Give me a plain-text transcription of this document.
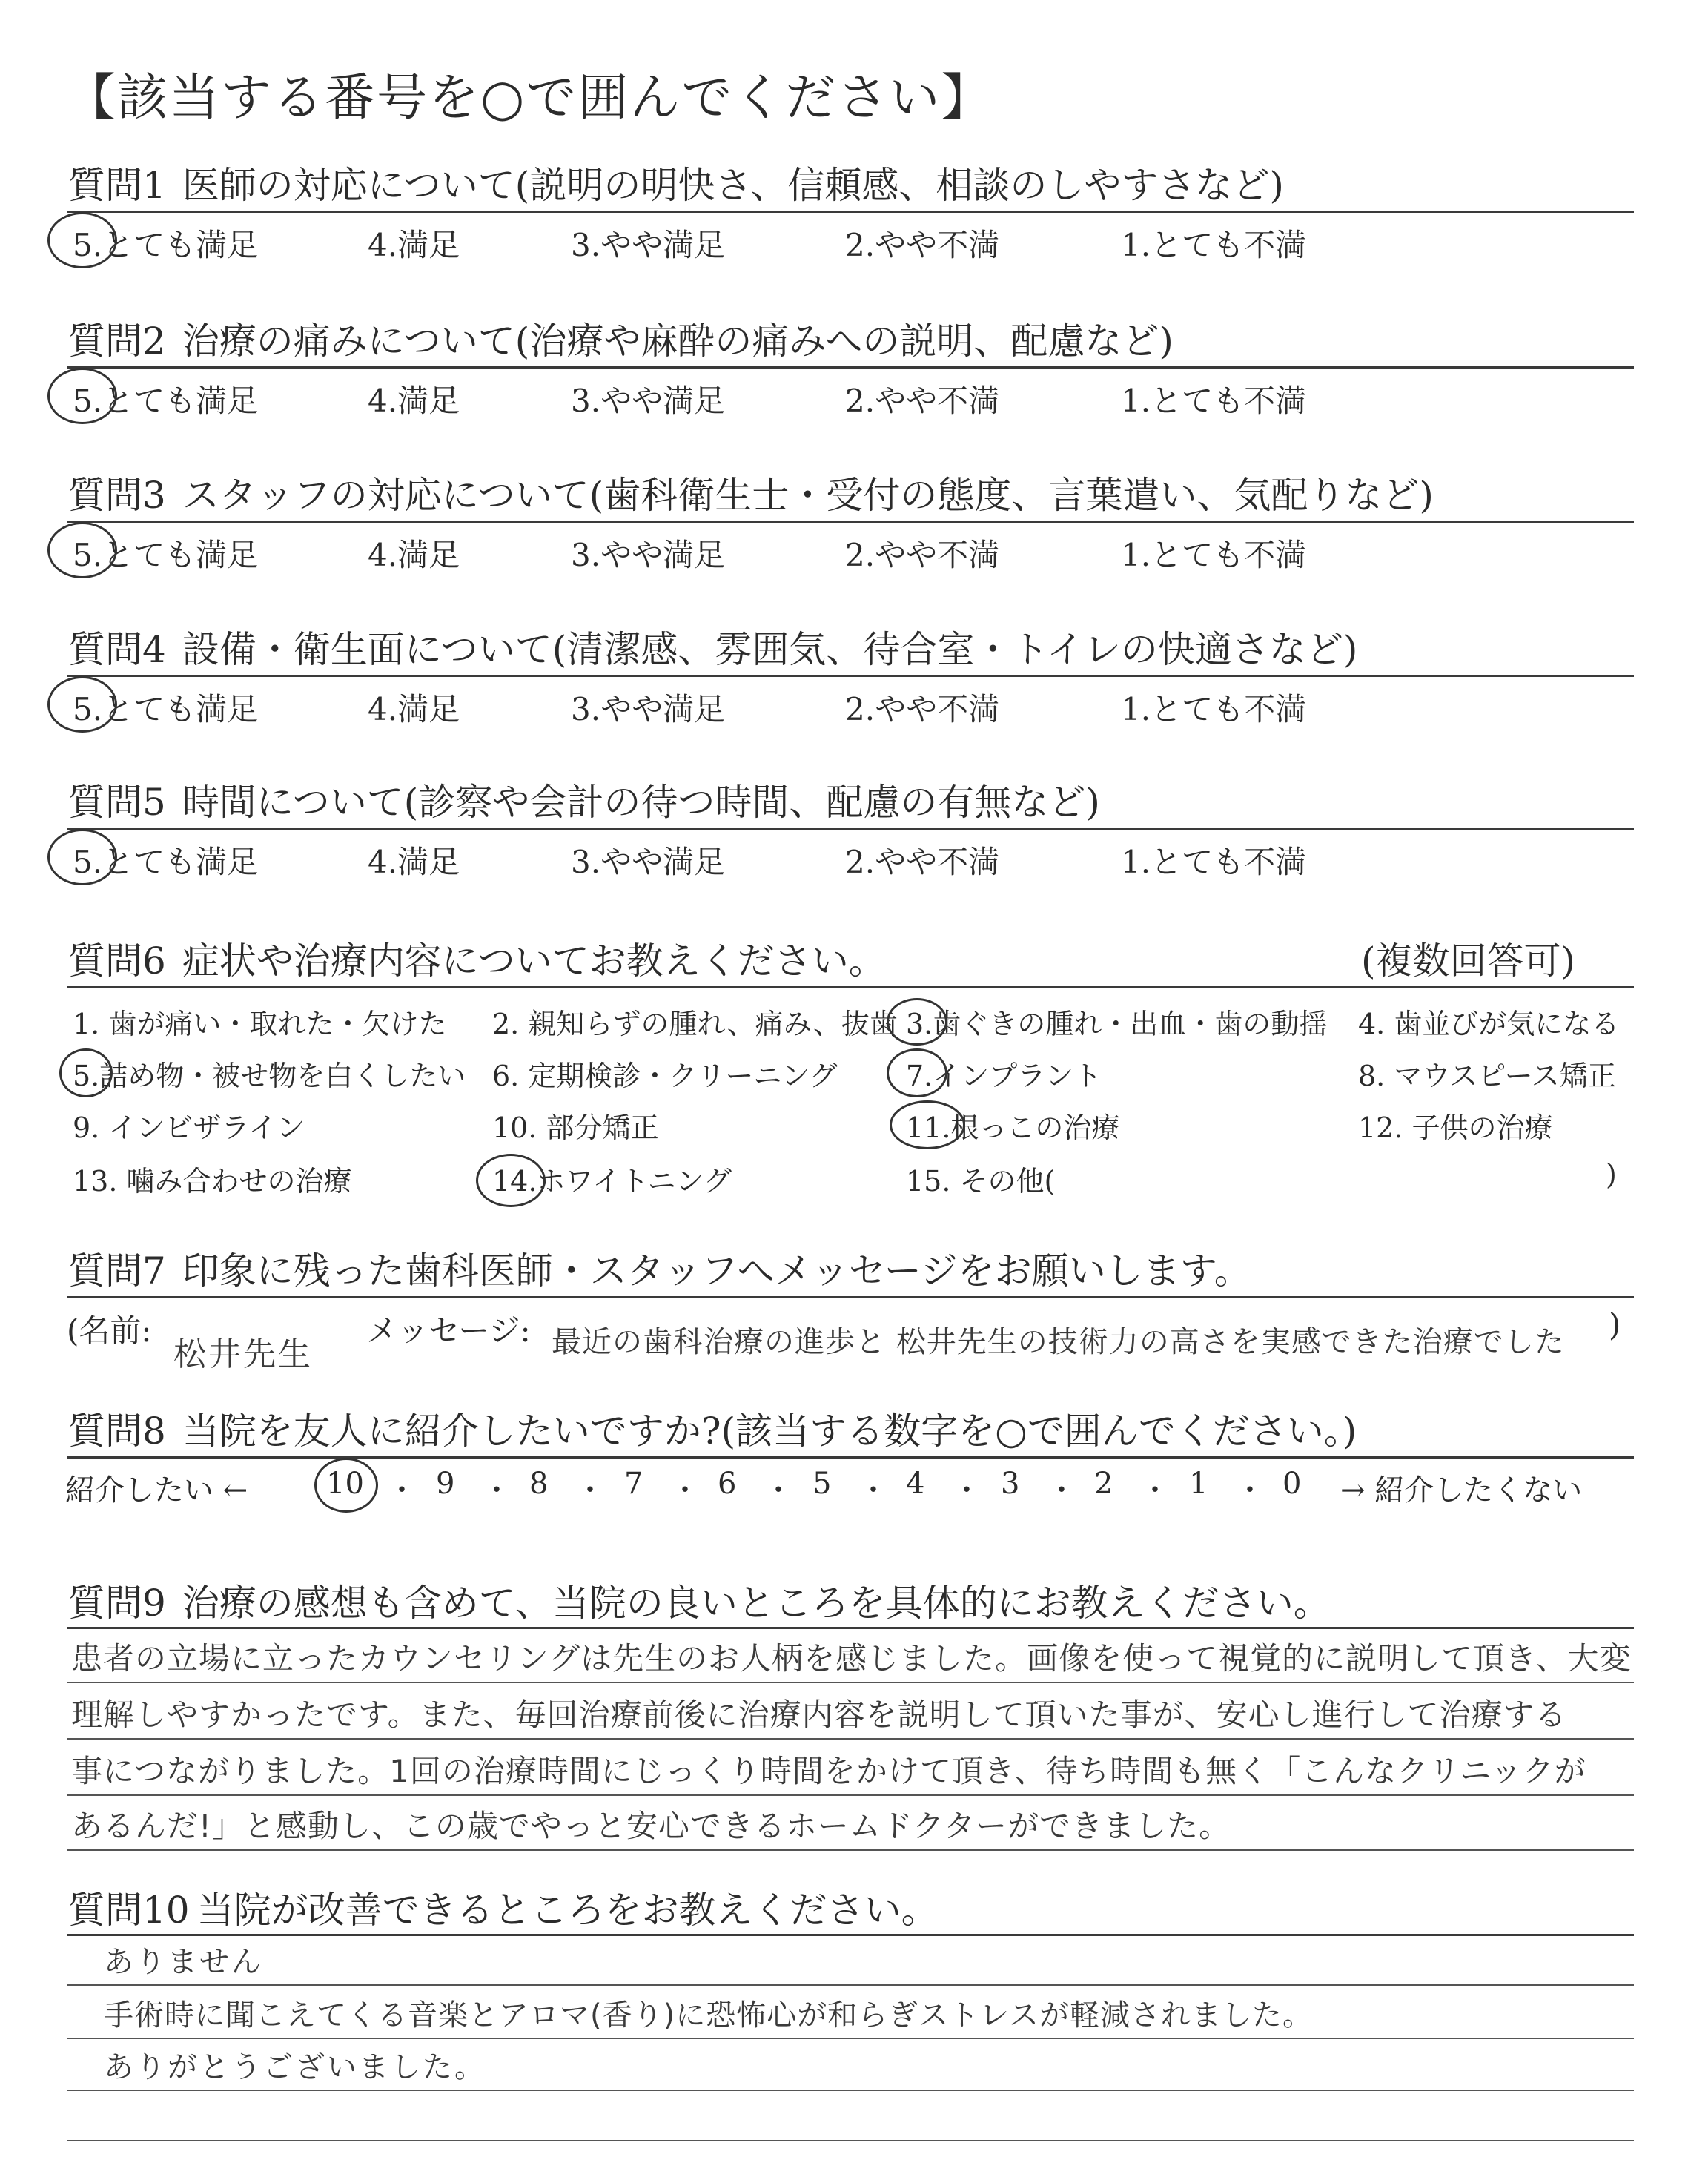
【該当する番号を○で囲んでください】
質問1 医師の対応について(説明の明快さ、信頼感、相談のしやすさなど)
5.とても満足	4.満足	3.やや満足	2.やや不満	1.とても不満
質問2 治療の痛みについて(治療や麻酔の痛みへの説明、配慮など)
5.とても満足	4.満足	3.やや満足	2.やや不満	1.とても不満
質問3 スタッフの対応について(歯科衛生士・受付の態度、言葉遣い、気配りなど)
5.とても満足	4.満足	3.やや満足	2.やや不満	1.とても不満
質問4 設備・衛生面について(清潔感、雰囲気、待合室・トイレの快適さなど)
5.とても満足	4.満足	3.やや満足	2.やや不満	1.とても不満
質問5 時間について(診察や会計の待つ時間、配慮の有無など)
5.とても満足	4.満足	3.やや満足	2.やや不満	1.とても不満
質問6 症状や治療内容についてお教えください。	(複数回答可)
1. 歯が痛い・取れた・欠けた 2. 親知らずの腫れ、痛み、抜歯 3.歯ぐきの腫れ・出血・歯の動揺 4. 歯並びが気になる
5.詰め物・被せ物を白くしたい 6. 定期検診・クリーニング 7.インプラント	8. マウスピース矯正
9. インビザライン	10. 部分矯正	11.根っこの治療	12. 子供の治療
13. 噛み合わせの治療	14.ホワイトニング	15. その他(	)
質問7 印象に残った歯科医師・スタッフへメッセージをお願いします。
(名前:
松井先生
メッセージ: 最近の歯科治療の進歩と 松井先生の技術力の高さを実感できた治療でした )
質問8 当院を友人に紹介したいですか?(該当する数字を○で囲んでください。)
紹介したい ←	10 ・ 9 ・ 8 ・ 7 ・ 6 ・ 5 ・ 4 ・ 3 ・ 2 ・ 1 ・ 0 → 紹介したくない
質問9 治療の感想も含めて、当院の良いところを具体的にお教えください。
患者の立場に立ったカウンセリングは先生のお人柄を感じました。画像を使って視覚的に説明して頂き、大変
理解しやすかったです。また、毎回治療前後に治療内容を説明して頂いた事が、安心し進行して治療する
事につながりました。1回の治療時間にじっくり時間をかけて頂き、待ち時間も無く「こんなクリニックが
あるんだ!」と感動し、この歳でやっと安心できるホームドクターができました。
質問10 当院が改善できるところをお教えください。
ありません
手術時に聞こえてくる音楽とアロマ(香り)に恐怖心が和らぎストレスが軽減されました。
ありがとうございました。
